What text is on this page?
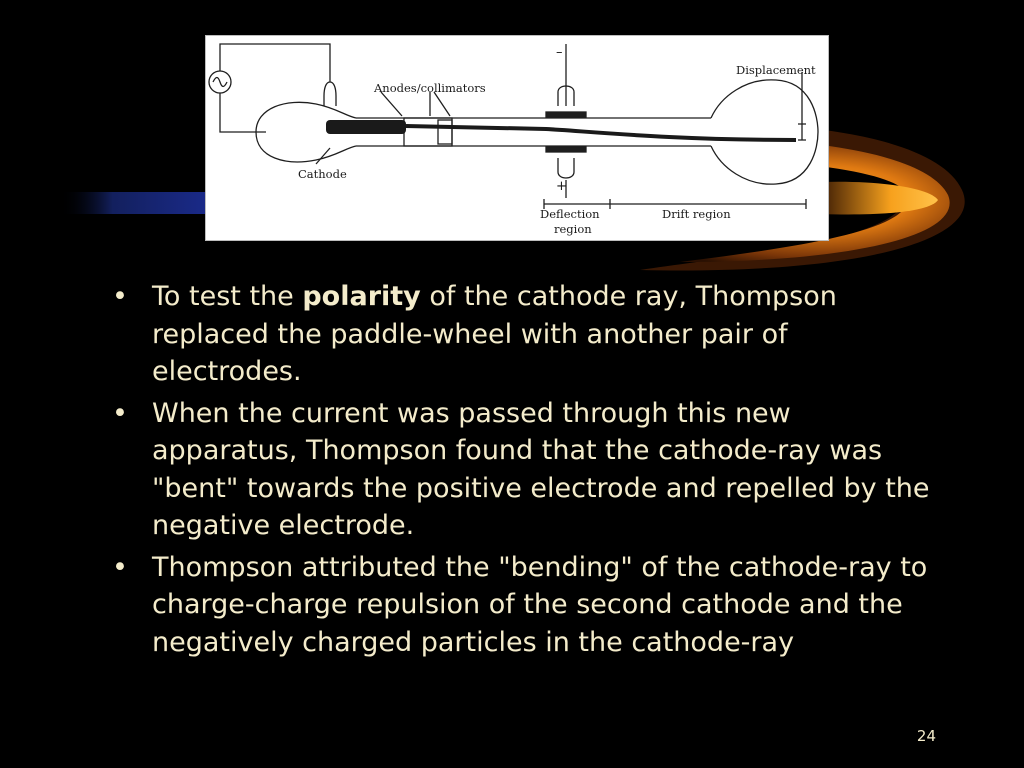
Anodes/collimators
Cathode
Displacement
Deflection
region
Drift region
–
+
• To test the polarity of the cathode ray, Thompson replaced the paddle-wheel with another pair of electrodes.
• When the current was passed through this new apparatus, Thompson found that the cathode-ray was "bent" towards the positive electrode and repelled by the negative electrode.
• Thompson attributed the "bending" of the cathode-ray to charge-charge repulsion of the second cathode and the negatively charged particles in the cathode-ray
24
